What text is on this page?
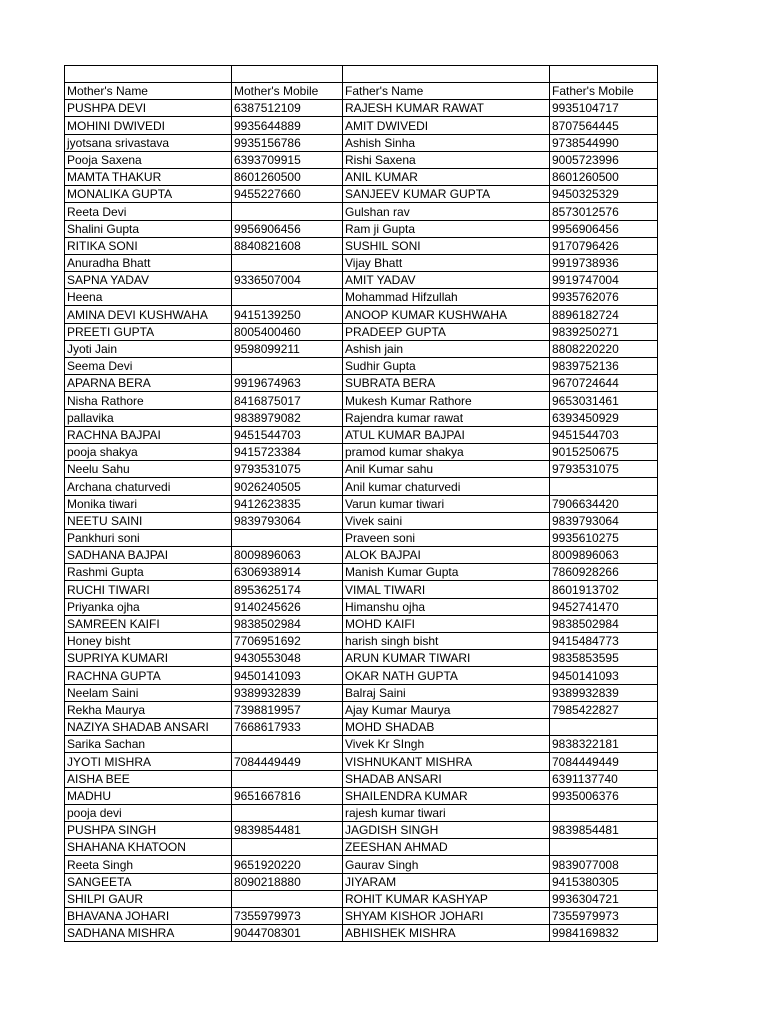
Mother's Name	Mother's Mobile	Father's Name	Father's Mobile
PUSHPA DEVI	6387512109	RAJESH KUMAR RAWAT	9935104717
MOHINI DWIVEDI	9935644889	AMIT DWIVEDI	8707564445
jyotsana srivastava	9935156786	Ashish Sinha	9738544990
Pooja Saxena	6393709915	Rishi Saxena	9005723996
MAMTA THAKUR	8601260500	ANIL KUMAR	8601260500
MONALIKA GUPTA	9455227660	SANJEEV KUMAR GUPTA	9450325329
Reeta Devi		Gulshan rav	8573012576
Shalini Gupta	9956906456	Ram ji Gupta	9956906456
RITIKA SONI	8840821608	SUSHIL SONI	9170796426
Anuradha Bhatt		Vijay Bhatt	9919738936
SAPNA YADAV	9336507004	AMIT YADAV	9919747004
Heena		Mohammad Hifzullah	9935762076
AMINA DEVI KUSHWAHA	9415139250	ANOOP KUMAR KUSHWAHA	8896182724
PREETI GUPTA	8005400460	PRADEEP GUPTA	9839250271
Jyoti Jain	9598099211	Ashish jain	8808220220
Seema Devi		Sudhir Gupta	9839752136
APARNA BERA	9919674963	SUBRATA BERA	9670724644
Nisha Rathore	8416875017	Mukesh Kumar Rathore	9653031461
pallavika	9838979082	Rajendra kumar rawat	6393450929
RACHNA BAJPAI	9451544703	ATUL KUMAR BAJPAI	9451544703
pooja shakya	9415723384	pramod kumar shakya	9015250675
Neelu Sahu	9793531075	Anil Kumar sahu	9793531075
Archana chaturvedi	9026240505	Anil kumar chaturvedi	
Monika tiwari	9412623835	Varun kumar tiwari	7906634420
NEETU SAINI	9839793064	Vivek saini	9839793064
Pankhuri soni		Praveen soni	9935610275
SADHANA BAJPAI	8009896063	ALOK BAJPAI	8009896063
Rashmi Gupta	6306938914	Manish Kumar Gupta	7860928266
RUCHI TIWARI	8953625174	VIMAL TIWARI	8601913702
Priyanka ojha	9140245626	Himanshu ojha	9452741470
SAMREEN KAIFI	9838502984	MOHD KAIFI	9838502984
Honey bisht	7706951692	harish singh bisht	9415484773
SUPRIYA KUMARI	9430553048	ARUN KUMAR TIWARI	9835853595
RACHNA GUPTA	9450141093	OKAR NATH GUPTA	9450141093
Neelam Saini	9389932839	Balraj Saini	9389932839
Rekha Maurya	7398819957	Ajay Kumar Maurya	7985422827
NAZIYA SHADAB ANSARI	7668617933	MOHD SHADAB	
Sarika Sachan		Vivek Kr SIngh	9838322181
JYOTI MISHRA	7084449449	VISHNUKANT MISHRA	7084449449
AISHA BEE		SHADAB ANSARI	6391137740
MADHU	9651667816	SHAILENDRA KUMAR	9935006376
pooja devi		rajesh kumar tiwari	
PUSHPA SINGH	9839854481	JAGDISH SINGH	9839854481
SHAHANA KHATOON		ZEESHAN AHMAD	
Reeta Singh	9651920220	Gaurav Singh	9839077008
SANGEETA	8090218880	JIYARAM	9415380305
SHILPI GAUR		ROHIT KUMAR KASHYAP	9936304721
BHAVANA JOHARI	7355979973	SHYAM KISHOR JOHARI	7355979973
SADHANA MISHRA	9044708301	ABHISHEK MISHRA	9984169832
